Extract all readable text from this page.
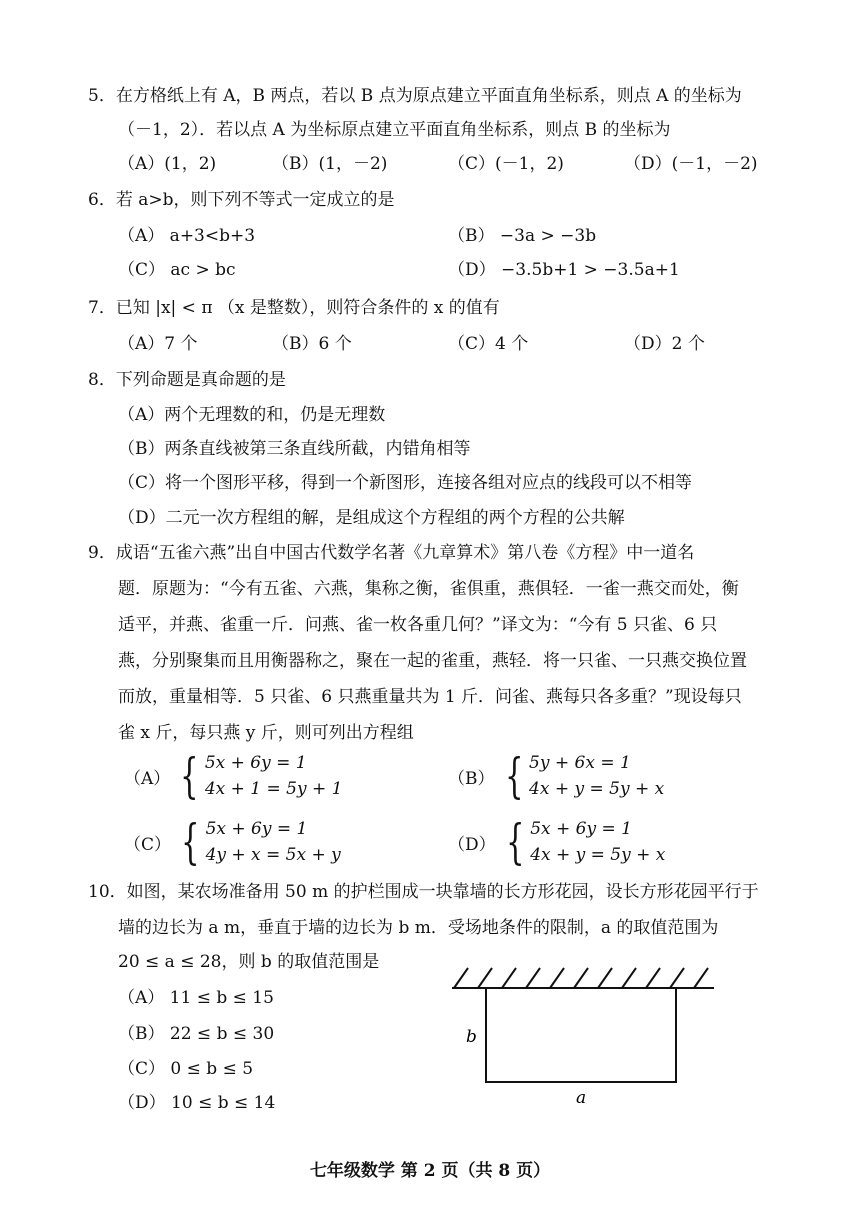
5．在方格纸上有 A，B 两点，若以 B 点为原点建立平面直角坐标系，则点 A 的坐标为
（－1，2）．若以点 A 为坐标原点建立平面直角坐标系，则点 B 的坐标为
（A）(1，2)	（B）(1，－2)	（C）(－1，2)	（D）(－1，－2)
6．若 a>b，则下列不等式一定成立的是
（A） a+3<b+3	（B） −3a > −3b
（C） ac > bc	（D） −3.5b+1 > −3.5a+1
7．已知 |x| < π （x 是整数），则符合条件的 x 的值有
（A）7 个	（B）6 个	（C）4 个	（D）2 个
8．下列命题是真命题的是
（A）两个无理数的和，仍是无理数
（B）两条直线被第三条直线所截，内错角相等
（C）将一个图形平移，得到一个新图形，连接各组对应点的线段可以不相等
（D）二元一次方程组的解，是组成这个方程组的两个方程的公共解
9．成语“五雀六燕”出自中国古代数学名著《九章算术》第八卷《方程》中一道名
题．原题为：“今有五雀、六燕，集称之衡，雀俱重，燕俱轻．一雀一燕交而处，衡
适平，并燕、雀重一斤．问燕、雀一枚各重几何？”译文为：“今有 5 只雀、6 只
燕，分别聚集而且用衡器称之，聚在一起的雀重，燕轻．将一只雀、一只燕交换位置
而放，重量相等．5 只雀、6 只燕重量共为 1 斤．问雀、燕每只各多重？”现设每只
雀 x 斤，每只燕 y 斤，则可列出方程组
（A） { 5x + 6y = 1
4x + 1 = 5y + 1
（B） { 5y + 6x = 1
4x + y = 5y + x
（C） { 5x + 6y = 1
4y + x = 5x + y
（D） { 5x + 6y = 1
4x + y = 5y + x
10．如图，某农场准备用 50 m 的护栏围成一块靠墙的长方形花园，设长方形花园平行于
墙的边长为 a m，垂直于墙的边长为 b m．受场地条件的限制，a 的取值范围为
20 ≤ a ≤ 28，则 b 的取值范围是
（A） 11 ≤ b ≤ 15
（B） 22 ≤ b ≤ 30
（C） 0 ≤ b ≤ 5
（D） 10 ≤ b ≤ 14
b
a
七年级数学 第 2 页（共 8 页）
